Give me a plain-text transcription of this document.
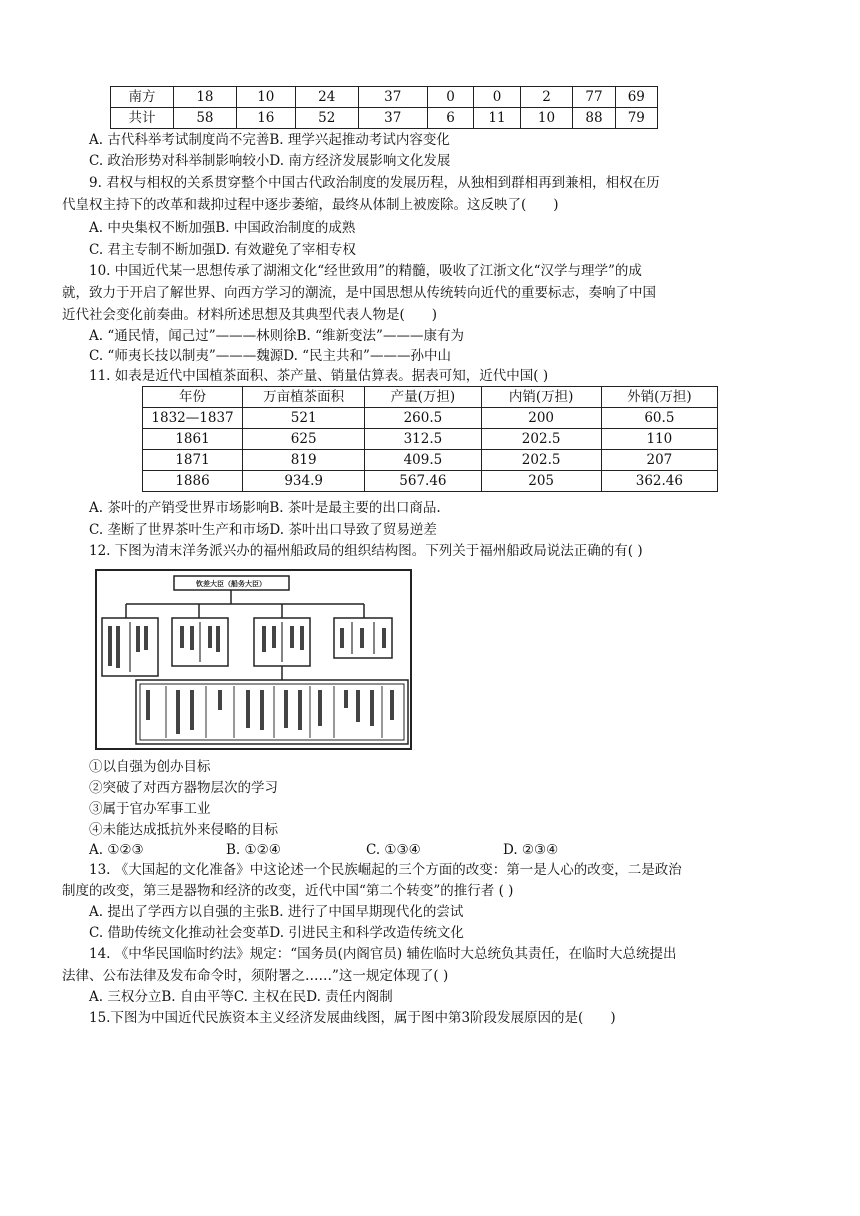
南方	18	10	24	37	0	0	2	77	69
共计	58	16	52	37	6	11	10	88	79
A. 古代科举考试制度尚不完善B. 理学兴起推动考试内容变化
C. 政治形势对科举制影响较小D. 南方经济发展影响文化发展
9. 君权与相权的关系贯穿整个中国古代政治制度的发展历程，从独相到群相再到兼相，相权在历
代皇权主持下的改革和裁抑过程中逐步萎缩，最终从体制上被废除。这反映了(　　)
A. 中央集权不断加强B. 中国政治制度的成熟
C. 君主专制不断加强D. 有效避免了宰相专权
10. 中国近代某一思想传承了湖湘文化“经世致用”的精髓，吸收了江浙文化“汉学与理学”的成
就，致力于开启了解世界、向西方学习的潮流，是中国思想从传统转向近代的重要标志，奏响了中国
近代社会变化前奏曲。材料所述思想及其典型代表人物是(　　)
A. “通民情，闻己过”———林则徐B. “维新变法”———康有为
C. “师夷长技以制夷”———魏源D. “民主共和”———孙中山
11. 如表是近代中国植茶面积、茶产量、销量估算表。据表可知，近代中国( )
年份	万亩植茶面积	产量(万担)	内销(万担)	外销(万担)
1832—1837	521	260.5	200	60.5
1861	625	312.5	202.5	110
1871	819	409.5	202.5	207
1886	934.9	567.46	205	362.46
A. 茶叶的产销受世界市场影响B. 茶叶是最主要的出口商品.
C. 垄断了世界茶叶生产和市场D. 茶叶出口导致了贸易逆差
12. 下图为清末洋务派兴办的福州船政局的组织结构图。下列关于福州船政局说法正确的有( )
钦差大臣（船务大臣）
①以自强为创办目标
②突破了对西方器物层次的学习
③属于官办军事工业
④未能达成抵抗外来侵略的目标
A. ①②③	B. ①②④	C. ①③④	D. ②③④
13. 《大国起的文化准备》中这论述一个民族崛起的三个方面的改变：第一是人心的改变，二是政治
制度的改变，第三是器物和经济的改变，近代中国“第二个转变”的推行者 ( )
A. 提出了学西方以自强的主张B. 进行了中国早期现代化的尝试
C. 借助传统文化推动社会变革D. 引进民主和科学改造传统文化
14. 《中华民国临时约法》规定：“国务员(内阁官员) 辅佐临时大总统负其责任，在临时大总统提出
法律、公布法律及发布命令时，须附署之……”这一规定体现了( )
A. 三权分立B. 自由平等C. 主权在民D. 责任内阁制
15.下图为中国近代民族资本主义经济发展曲线图，属于图中第3阶段发展原因的是(　　)
